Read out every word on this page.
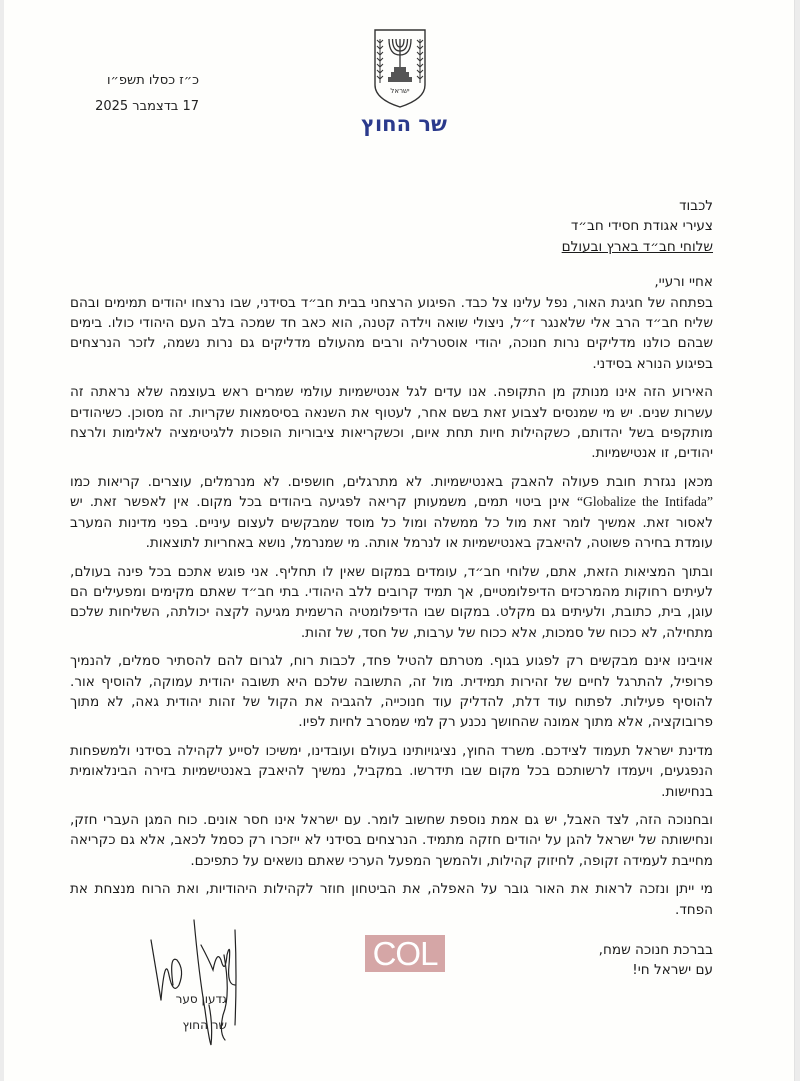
כ״ז כסלו תשפ״ו
17 בדצמבר 2025
ישראל
שר החוץ
לכבוד
צעירי אגודת חסידי חב״ד
שלוחי חב״ד בארץ ובעולם
אחיי ורעיי,

בפתחה של חגיגת האור, נפל עלינו צל כבד. הפיגוע הרצחני בבית חב״ד בסידני, שבו נרצחו יהודים תמימים ובהם שליח חב״ד הרב אלי שלאנגר ז״ל, ניצולי שואה וילדה קטנה, הוא כאב חד שמכה בלב העם היהודי כולו. בימים שבהם כולנו מדליקים נרות חנוכה, יהודי אוסטרליה ורבים מהעולם מדליקים גם נרות נשמה, לזכר הנרצחים בפיגוע הנורא בסידני.

האירוע הזה אינו מנותק מן התקופה. אנו עדים לגל אנטישמיות עולמי שמרים ראש בעוצמה שלא נראתה זה עשרות שנים. יש מי שמנסים לצבוע זאת בשם אחר, לעטוף את השנאה בסיסמאות שקריות. זה מסוכן. כשיהודים מותקפים בשל יהדותם, כשקהילות חיות תחת איום, וכשקריאות ציבוריות הופכות ללגיטימציה לאלימות ולרצח יהודים, זו אנטישמיות.

מכאן נגזרת חובת פעולה להאבק באנטישמיות. לא מתרגלים, חושפים. לא מנרמלים, עוצרים. קריאות כמו “Globalize the Intifada” אינן ביטוי תמים, משמעותן קריאה לפגיעה ביהודים בכל מקום. אין לאפשר זאת. יש לאסור זאת. אמשיך לומר זאת מול כל ממשלה ומול כל מוסד שמבקשים לעצום עיניים. בפני מדינות המערב עומדת בחירה פשוטה, להיאבק באנטישמיות או לנרמל אותה. מי שמנרמל, נושא באחריות לתוצאות.

ובתוך המציאות הזאת, אתם, שלוחי חב״ד, עומדים במקום שאין לו תחליף. אני פוגש אתכם בכל פינה בעולם, לעיתים רחוקות מהמרכזים הדיפלומטיים, אך תמיד קרובים ללב היהודי. בתי חב״ד שאתם מקימים ומפעילים הם עוגן, בית, כתובת, ולעיתים גם מקלט. במקום שבו הדיפלומטיה הרשמית מגיעה לקצה יכולתה, השליחות שלכם מתחילה, לא ככוח של סמכות, אלא ככוח של ערבות, של חסד, של זהות.

אויבינו אינם מבקשים רק לפגוע בגוף. מטרתם להטיל פחד, לכבות רוח, לגרום להם להסתיר סמלים, להנמיך פרופיל, להתרגל לחיים של זהירות תמידית. מול זה, התשובה שלכם היא תשובה יהודית עמוקה, להוסיף אור. להוסיף פעילות. לפתוח עוד דלת, להדליק עוד חנוכייה, להגביה את הקול של זהות יהודית גאה, לא מתוך פרובוקציה, אלא מתוך אמונה שהחושך נכנע רק למי שמסרב לחיות לפיו.

מדינת ישראל תעמוד לצידכם. משרד החוץ, נציגויותינו בעולם ועובדינו, ימשיכו לסייע לקהילה בסידני ולמשפחות הנפגעים, ויעמדו לרשותכם בכל מקום שבו תידרשו. במקביל, נמשיך להיאבק באנטישמיות בזירה הבינלאומית בנחישות.

ובחנוכה הזה, לצד האבל, יש גם אמת נוספת שחשוב לומר. עם ישראל אינו חסר אונים. כוח המגן העברי חזק, ונחישותה של ישראל להגן על יהודים חזקה מתמיד. הנרצחים בסידני לא ייזכרו רק כסמל לכאב, אלא גם כקריאה מחייבת לעמידה זקופה, לחיזוק קהילות, ולהמשך המפעל הערכי שאתם נושאים על כתפיכם.

מי ייתן ונזכה לראות את האור גובר על האפלה, את הביטחון חוזר לקהילות היהודיות, ואת הרוח מנצחת את הפחד.

בברכת חנוכה שמח,
עם ישראל חי!
גדעון סער
שר החוץ
COL
